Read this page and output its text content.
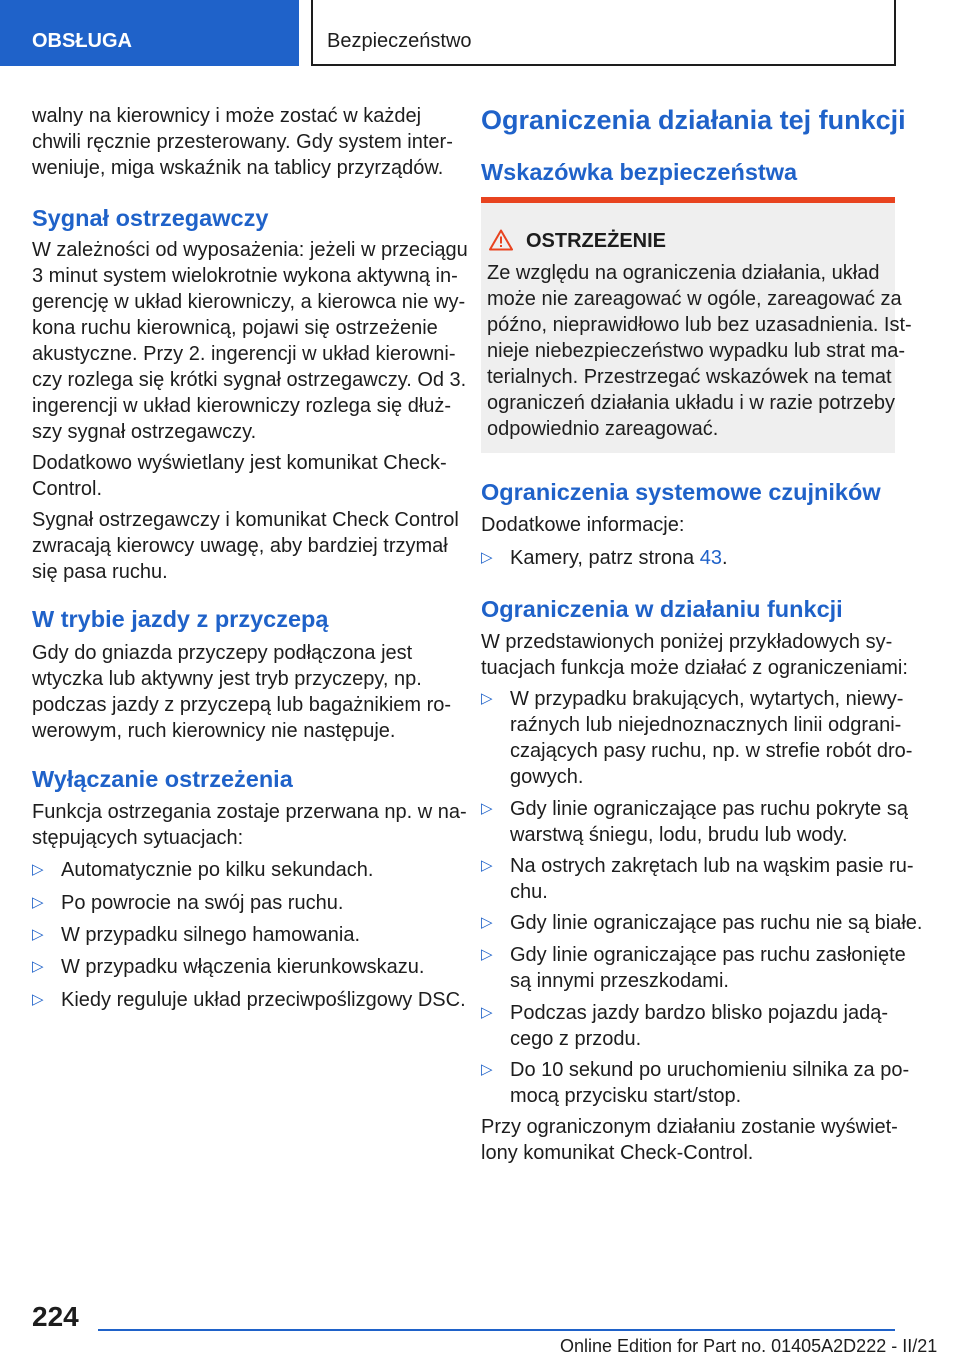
OBSŁUGA	Bezpieczeństwo
walny na kierownicy i może zostać w każdej
chwili ręcznie przesterowany. Gdy system inter‐
weniuje, miga wskaźnik na tablicy przyrządów.
Sygnał ostrzegawczy
W zależności od wyposażenia: jeżeli w przeciągu
3 minut system wielokrotnie wykona aktywną in‐
gerencję w układ kierowniczy, a kierowca nie wy‐
kona ruchu kierownicą, pojawi się ostrzeżenie
akustyczne. Przy 2. ingerencji w układ kierowni‐
czy rozlega się krótki sygnał ostrzegawczy. Od 3.
ingerencji w układ kierowniczy rozlega się dłuż‐
szy sygnał ostrzegawczy.
Dodatkowo wyświetlany jest komunikat Check-
Control.
Sygnał ostrzegawczy i komunikat Check Control
zwracają kierowcy uwagę, aby bardziej trzymał
się pasa ruchu.
W trybie jazdy z przyczepą
Gdy do gniazda przyczepy podłączona jest
wtyczka lub aktywny jest tryb przyczepy, np.
podczas jazdy z przyczepą lub bagażnikiem ro‐
werowym, ruch kierownicy nie następuje.
Wyłączanie ostrzeżenia
Funkcja ostrzegania zostaje przerwana np. w na‐
stępujących sytuacjach:
▷ Automatycznie po kilku sekundach.
▷ Po powrocie na swój pas ruchu.
▷ W przypadku silnego hamowania.
▷ W przypadku włączenia kierunkowskazu.
▷ Kiedy reguluje układ przeciwpoślizgowy DSC.
Ograniczenia działania tej funkcji
Wskazówka bezpieczeństwa
OSTRZEŻENIE
Ze względu na ograniczenia działania, układ
może nie zareagować w ogóle, zareagować za
późno, nieprawidłowo lub bez uzasadnienia. Ist‐
nieje niebezpieczeństwo wypadku lub strat ma‐
terialnych. Przestrzegać wskazówek na temat
ograniczeń działania układu i w razie potrzeby
odpowiednio zareagować.
Ograniczenia systemowe czujników
Dodatkowe informacje:
▷ Kamery, patrz strona 43.
Ograniczenia w działaniu funkcji
W przedstawionych poniżej przykładowych sy‐
tuacjach funkcja może działać z ograniczeniami:
▷ W przypadku brakujących, wytartych, niewy‐
raźnych lub niejednoznacznych linii odgrani‐
czających pasy ruchu, np. w strefie robót dro‐
gowych.
▷ Gdy linie ograniczające pas ruchu pokryte są
warstwą śniegu, lodu, brudu lub wody.
▷ Na ostrych zakrętach lub na wąskim pasie ru‐
chu.
▷ Gdy linie ograniczające pas ruchu nie są białe.
▷ Gdy linie ograniczające pas ruchu zasłonięte
są innymi przeszkodami.
▷ Podczas jazdy bardzo blisko pojazdu jadą‐
cego z przodu.
▷ Do 10 sekund po uruchomieniu silnika za po‐
mocą przycisku start/stop.
Przy ograniczonym działaniu zostanie wyświet‐
lony komunikat Check-Control.
224
Online Edition for Part no. 01405A2D222 - II/21
